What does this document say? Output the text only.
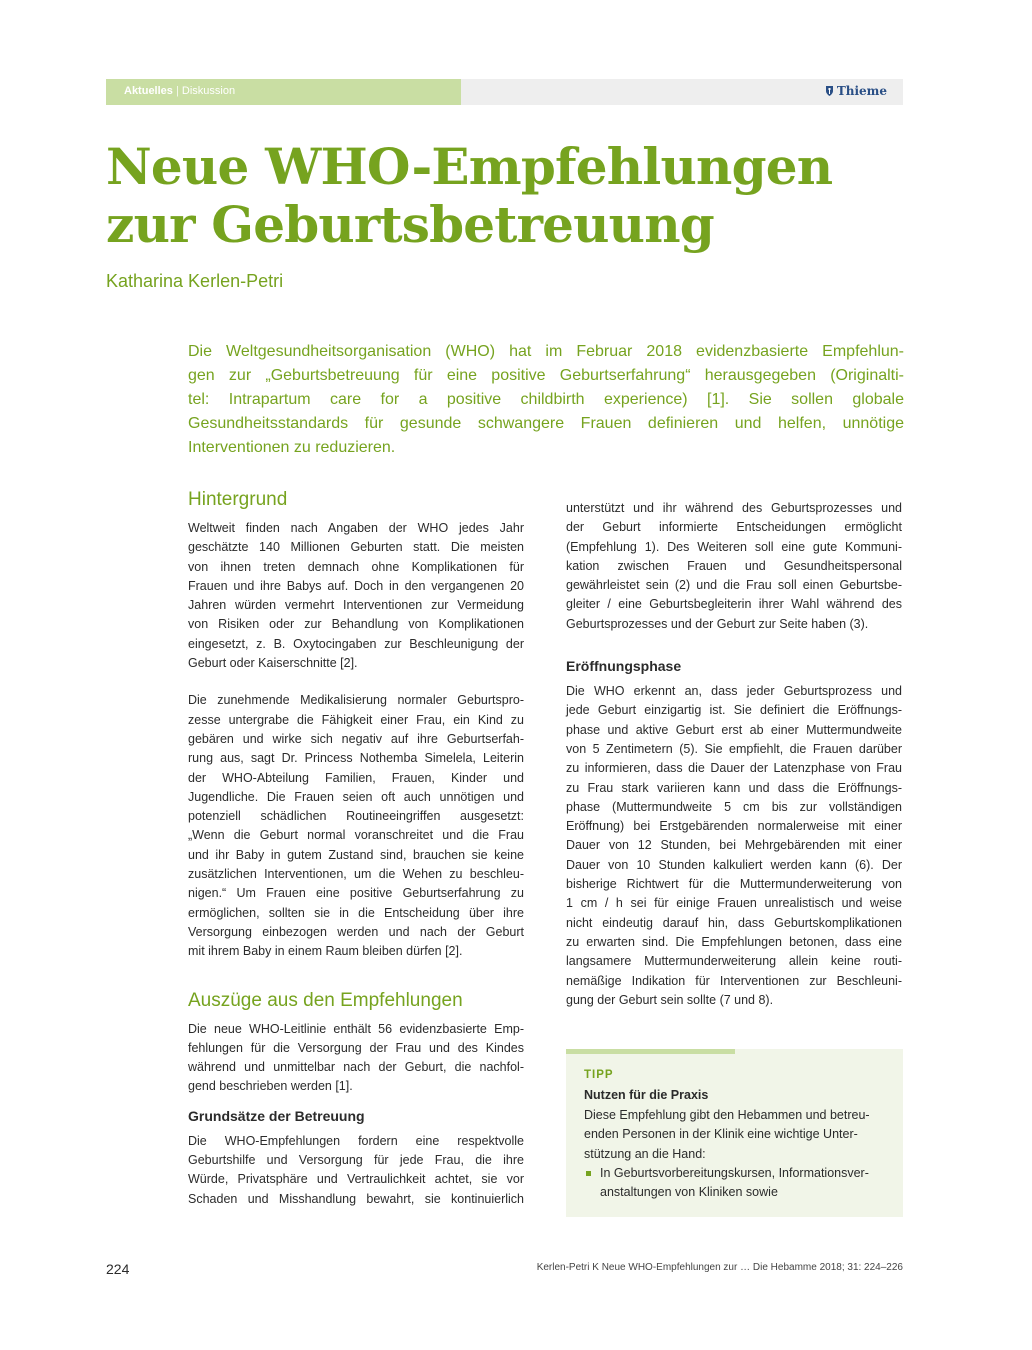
Aktuelles | Diskussion	Thieme
Neue WHO-Empfehlungen
zur Geburtsbetreuung
Katharina Kerlen-Petri
Die Weltgesundheitsorganisation (WHO) hat im Februar 2018 evidenzbasierte Empfehlun-
gen zur „Geburtsbetreuung für eine positive Geburtserfahrung“ herausgegeben (Originalti-
tel: Intrapartum care for a positive childbirth experience) [1]. Sie sollen globale
Gesundheitsstandards für gesunde schwangere Frauen definieren und helfen, unnötige
Interventionen zu reduzieren.
Hintergrund

Weltweit finden nach Angaben der WHO jedes Jahr
geschätzte 140 Millionen Geburten statt. Die meisten
von ihnen treten demnach ohne Komplikationen für
Frauen und ihre Babys auf. Doch in den vergangenen 20
Jahren würden vermehrt Interventionen zur Vermeidung
von Risiken oder zur Behandlung von Komplikationen
eingesetzt, z. B. Oxytocingaben zur Beschleunigung der
Geburt oder Kaiserschnitte [2].

Die zunehmende Medikalisierung normaler Geburtspro-
zesse untergrabe die Fähigkeit einer Frau, ein Kind zu
gebären und wirke sich negativ auf ihre Geburtserfah-
rung aus, sagt Dr. Princess Nothemba Simelela, Leiterin
der WHO-Abteilung Familien, Frauen, Kinder und
Jugendliche. Die Frauen seien oft auch unnötigen und
potenziell schädlichen Routineeingriffen ausgesetzt:
„Wenn die Geburt normal voranschreitet und die Frau
und ihr Baby in gutem Zustand sind, brauchen sie keine
zusätzlichen Interventionen, um die Wehen zu beschleu-
nigen.“ Um Frauen eine positive Geburtserfahrung zu
ermöglichen, sollten sie in die Entscheidung über ihre
Versorgung einbezogen werden und nach der Geburt
mit ihrem Baby in einem Raum bleiben dürfen [2].

Auszüge aus den Empfehlungen

Die neue WHO-Leitlinie enthält 56 evidenzbasierte Emp-
fehlungen für die Versorgung der Frau und des Kindes
während und unmittelbar nach der Geburt, die nachfol-
gend beschrieben werden [1].

Grundsätze der Betreuung

Die WHO-Empfehlungen fordern eine respektvolle
Geburtshilfe und Versorgung für jede Frau, die ihre
Würde, Privatsphäre und Vertraulichkeit achtet, sie vor
Schaden und Misshandlung bewahrt, sie kontinuierlich

unterstützt und ihr während des Geburtsprozesses und
der Geburt informierte Entscheidungen ermöglicht
(Empfehlung 1). Des Weiteren soll eine gute Kommuni-
kation zwischen Frauen und Gesundheitspersonal
gewährleistet sein (2) und die Frau soll einen Geburtsbe-
gleiter / eine Geburtsbegleiterin ihrer Wahl während des
Geburtsprozesses und der Geburt zur Seite haben (3).

Eröffnungsphase

Die WHO erkennt an, dass jeder Geburtsprozess und
jede Geburt einzigartig ist. Sie definiert die Eröffnungs-
phase und aktive Geburt erst ab einer Muttermundweite
von 5 Zentimetern (5). Sie empfiehlt, die Frauen darüber
zu informieren, dass die Dauer der Latenzphase von Frau
zu Frau stark variieren kann und dass die Eröffnungs-
phase (Muttermundweite 5 cm bis zur vollständigen
Eröffnung) bei Erstgebärenden normalerweise mit einer
Dauer von 12 Stunden, bei Mehrgebärenden mit einer
Dauer von 10 Stunden kalkuliert werden kann (6). Der
bisherige Richtwert für die Muttermunderweiterung von
1 cm / h sei für einige Frauen unrealistisch und weise
nicht eindeutig darauf hin, dass Geburtskomplikationen
zu erwarten sind. Die Empfehlungen betonen, dass eine
langsamere Muttermunderweiterung allein keine routi-
nemäßige Indikation für Interventionen zur Beschleuni-
gung der Geburt sein sollte (7 und 8).

TIPP
Nutzen für die Praxis
Diese Empfehlung gibt den Hebammen und betreu-
enden Personen in der Klinik eine wichtige Unter-
stützung an die Hand:
In Geburtsvorbereitungskursen, Informationsver-
anstaltungen von Kliniken sowie
224	Kerlen-Petri K Neue WHO-Empfehlungen zur … Die Hebamme 2018; 31: 224–226
